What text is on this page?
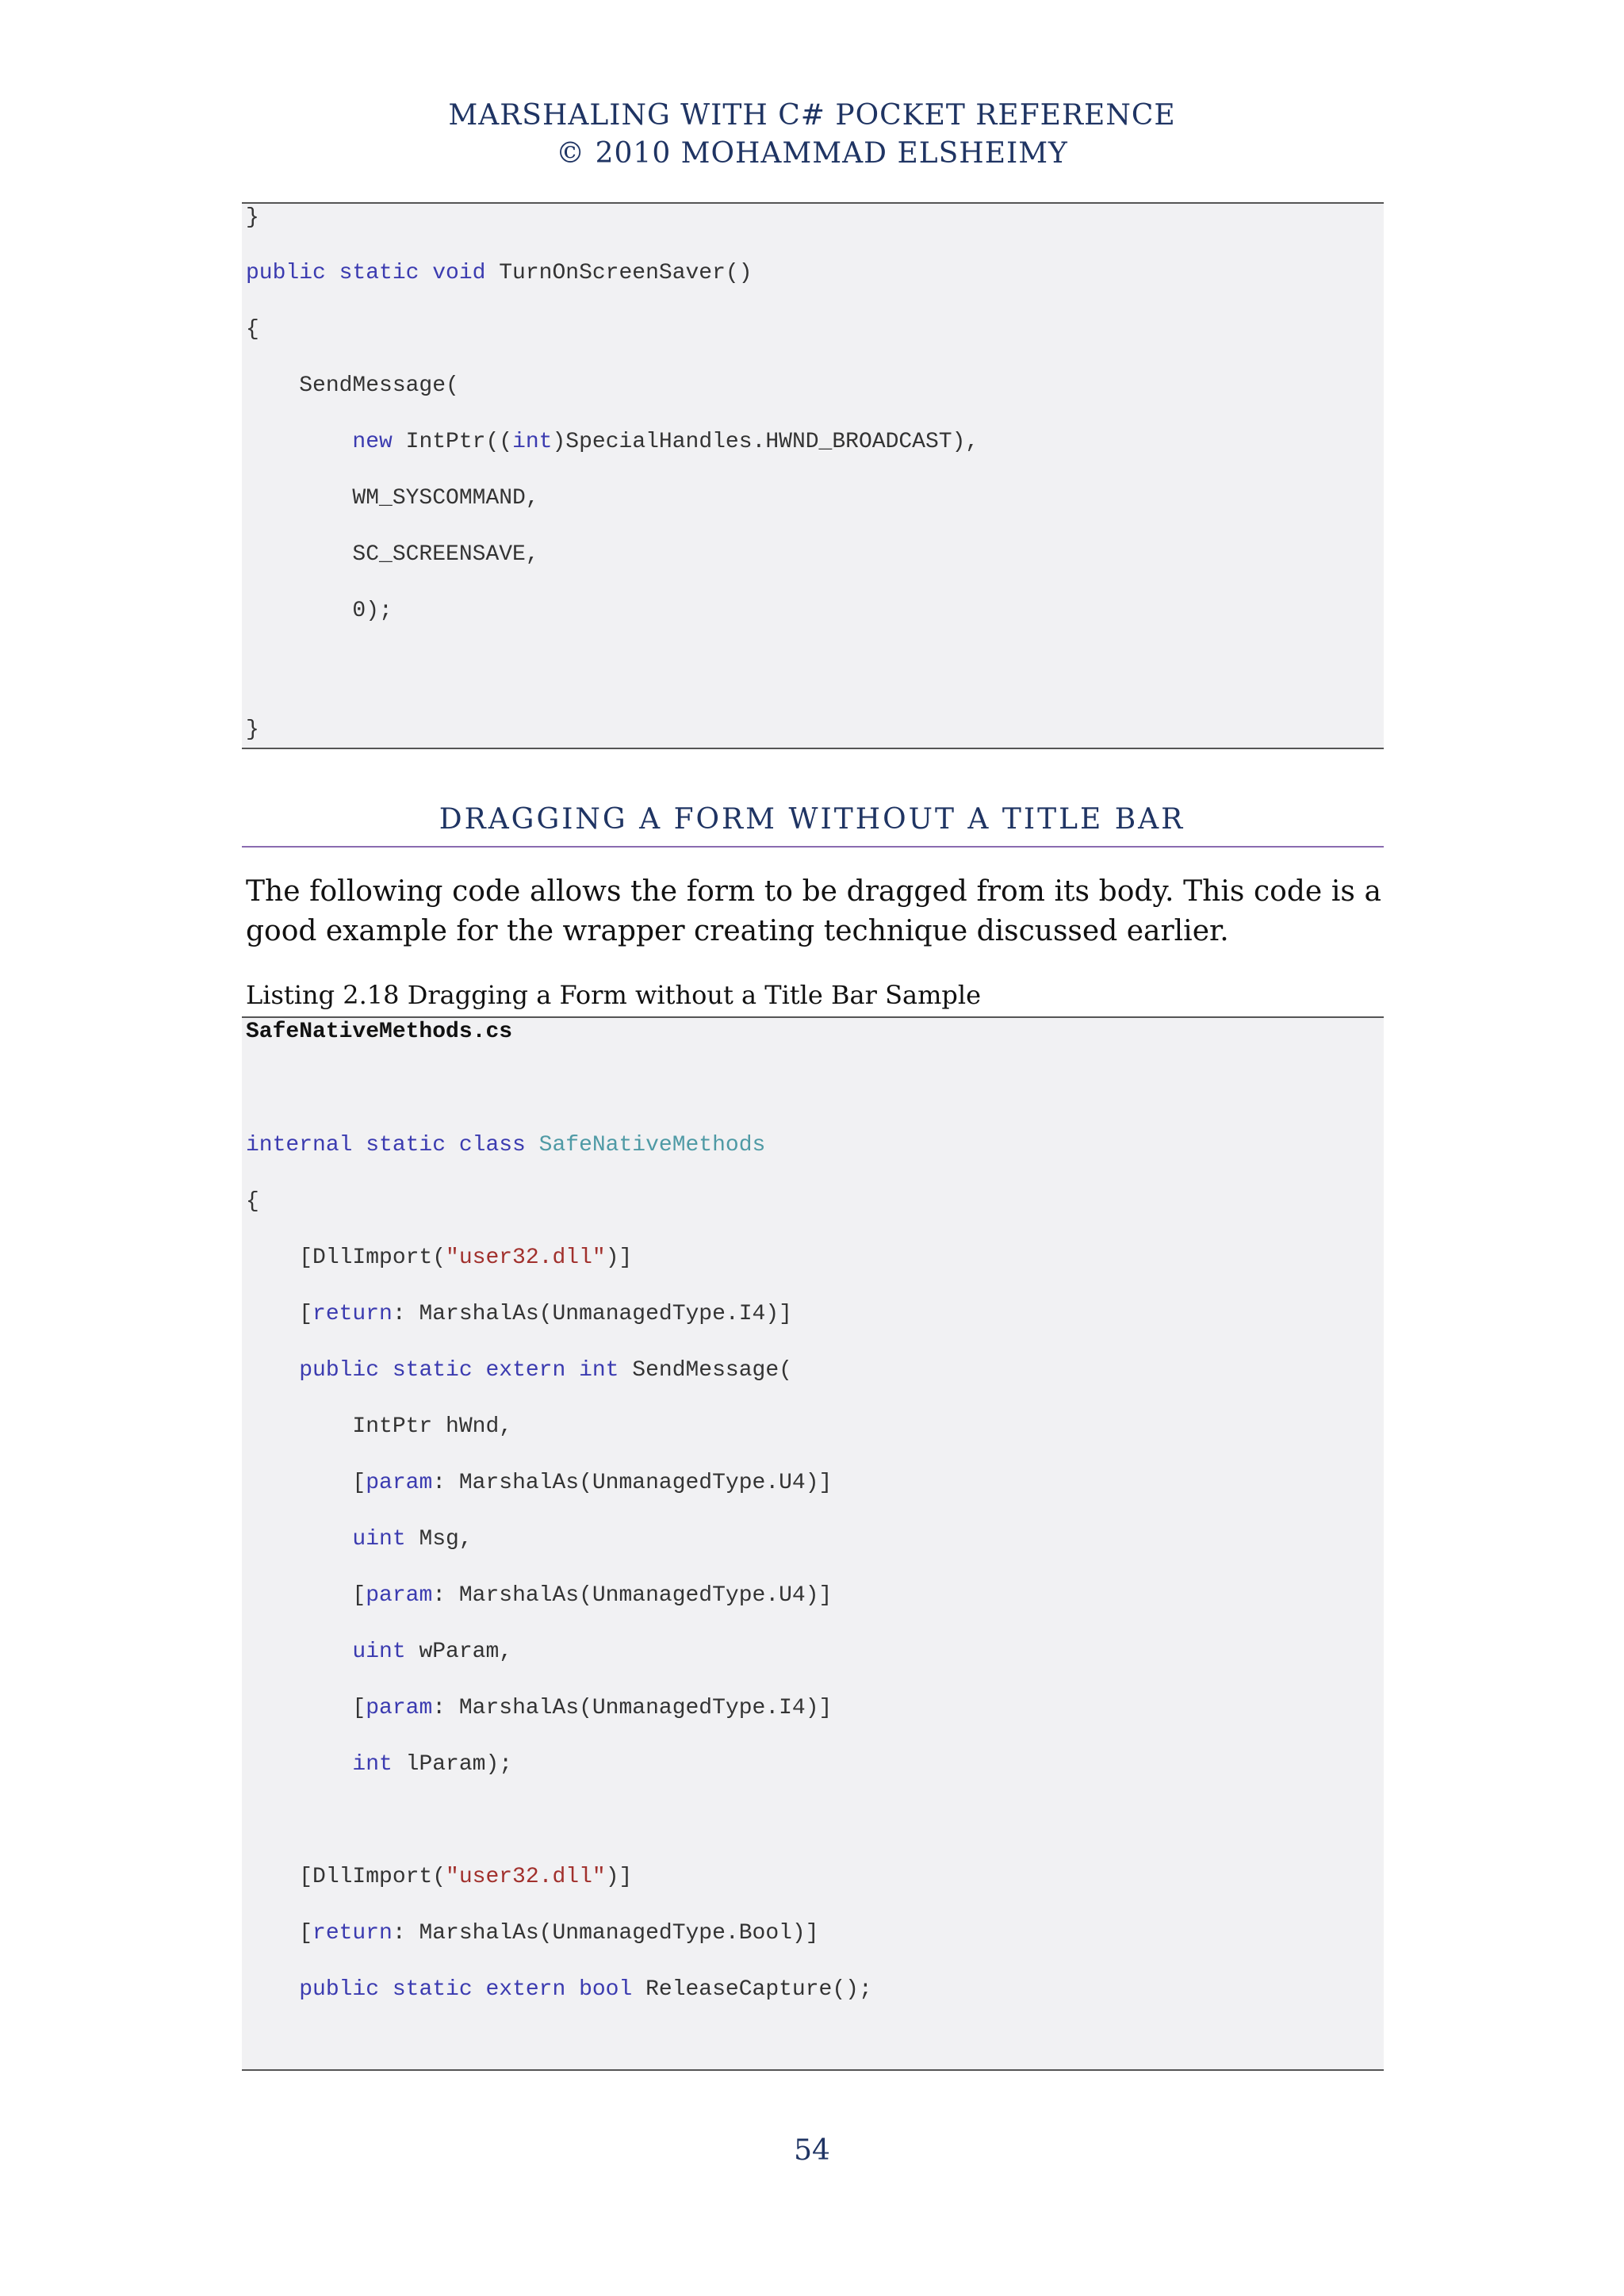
MARSHALING WITH C# POCKET REFERENCE
© 2010 MOHAMMAD ELSHEIMY
}
public static void TurnOnScreenSaver()
{
SendMessage(
new IntPtr((int)SpecialHandles.HWND_BROADCAST),
WM_SYSCOMMAND,
SC_SCREENSAVE,
0);
}
DRAGGING A FORM WITHOUT A TITLE BAR
The following code allows the form to be dragged from its body. This code is a
good example for the wrapper creating technique discussed earlier.
Listing 2.18 Dragging a Form without a Title Bar Sample
SafeNativeMethods.cs
internal static class SafeNativeMethods
{
[DllImport("user32.dll")]
[return: MarshalAs(UnmanagedType.I4)]
public static extern int SendMessage(
IntPtr hWnd,
[param: MarshalAs(UnmanagedType.U4)]
uint Msg,
[param: MarshalAs(UnmanagedType.U4)]
uint wParam,
[param: MarshalAs(UnmanagedType.I4)]
int lParam);
[DllImport("user32.dll")]
[return: MarshalAs(UnmanagedType.Bool)]
public static extern bool ReleaseCapture();
54
